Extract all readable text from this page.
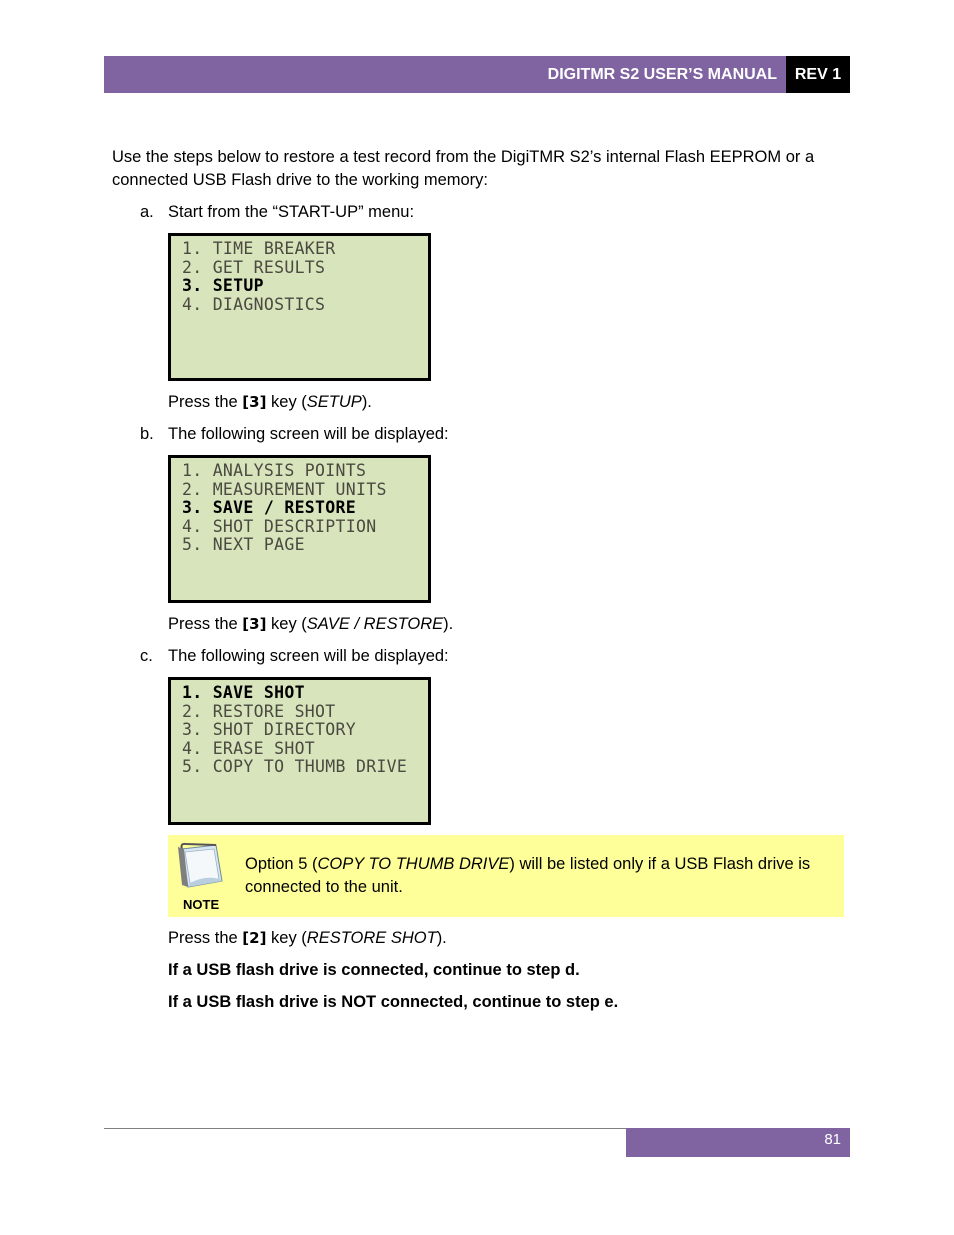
DIGITMR S2 USER’S MANUAL	REV 1
Use the steps below to restore a test record from the DigiTMR S2’s internal Flash EEPROM or a
connected USB Flash drive to the working memory:
a. Start from the “START-UP” menu:
1. TIME BREAKER
2. GET RESULTS
3. SETUP
4. DIAGNOSTICS
Press the [3] key (SETUP).
b. The following screen will be displayed:
1. ANALYSIS POINTS
2. MEASUREMENT UNITS
3. SAVE / RESTORE
4. SHOT DESCRIPTION
5. NEXT PAGE
Press the [3] key (SAVE / RESTORE).
c. The following screen will be displayed:
1. SAVE SHOT
2. RESTORE SHOT
3. SHOT DIRECTORY
4. ERASE SHOT
5. COPY TO THUMB DRIVE
NOTE
Option 5 (COPY TO THUMB DRIVE) will be listed only if a USB Flash drive is connected to the unit.
Press the [2] key (RESTORE SHOT).
If a USB flash drive is connected, continue to step d.
If a USB flash drive is NOT connected, continue to step e.
81
